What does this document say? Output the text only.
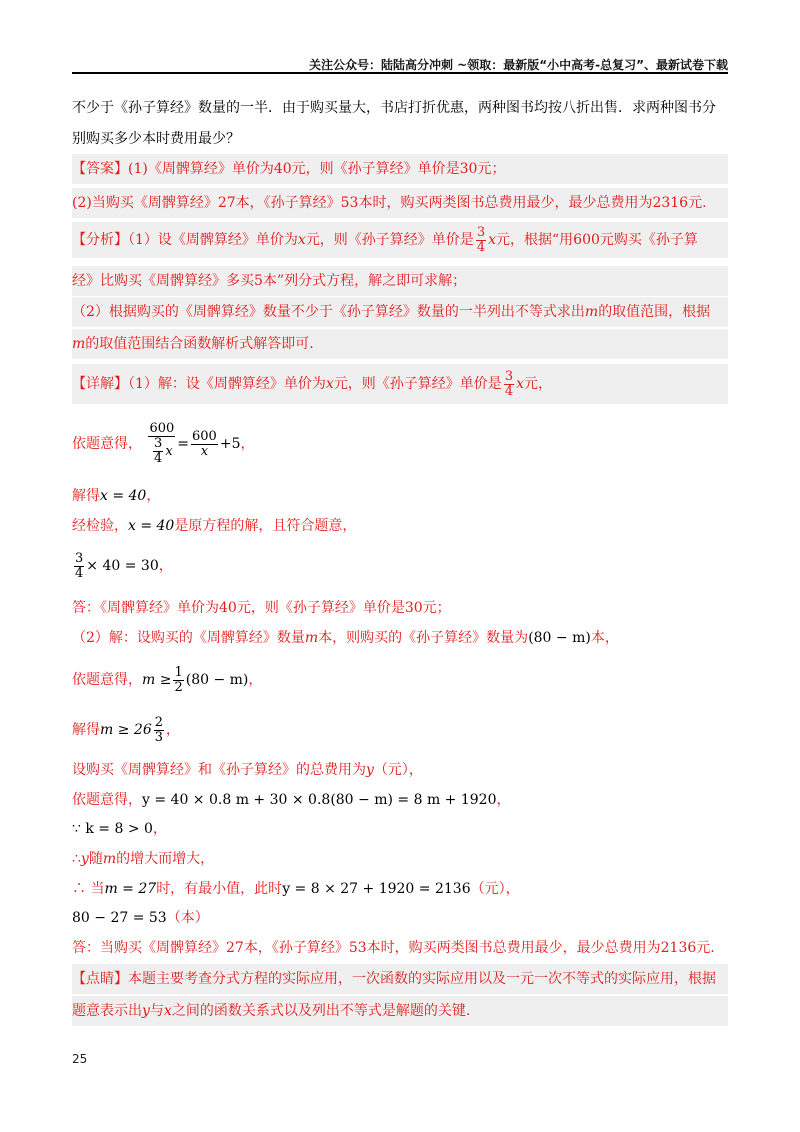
关注公众号：陆陆高分冲刺 ~领取：最新版“小中高考-总复习”、最新试卷下载
不少于《孙子算经》数量的一半．由于购买量大，书店打折优惠，两种图书均按八折出售．求两种图书分
别购买多少本时费用最少？
【答案】(1)《周髀算经》单价为40元，则《孙子算经》单价是30元；
(2)当购买《周髀算经》27本，《孙子算经》53本时，购买两类图书总费用最少，最少总费用为2316元.
【分析】（1）设《周髀算经》单价为x元，则《孙子算经》单价是 $\frac{3}{4}$ x元，根据“用600元购买《孙子算
经》比购买《周髀算经》多买5本”列分式方程，解之即可求解；
（2）根据购买的《周髀算经》数量不少于《孙子算经》数量的一半列出不等式求出m的取值范围，根据
m的取值范围结合函数解析式解答即可.
【详解】（1）解：设《周髀算经》单价为x元，则《孙子算经》单价是 $\frac{3}{4}$ x元，
依题意得， $\frac{600}{\frac{3}{4} x} = \frac{600}{x} +5$，
解得x = 40，
经检验，x = 40是原方程的解，且符合题意，
$\frac{3}{4} \times 40 = 30$，
答：《周髀算经》单价为40元，则《孙子算经》单价是30元；
（2）解：设购买的《周髀算经》数量m本，则购买的《孙子算经》数量为(80 − m)本，
依题意得，$m \ge \frac{1}{2} (80 - m)$，
解得$m \ge 26 \frac{2}{3}$ ，
设购买《周髀算经》和《孙子算经》的总费用为y（元），
依题意得，y = 40 × 0.8 m + 30 × 0.8(80 − m) = 8 m + 1920，
∵ k = 8 > 0，
∴y随m的增大而增大，
∴ 当m = 27时，有最小值，此时y = 8 × 27 + 1920 = 2136（元），
80 − 27 = 53（本）
答：当购买《周髀算经》27本，《孙子算经》53本时，购买两类图书总费用最少，最少总费用为2136元.
【点睛】本题主要考查分式方程的实际应用，一次函数的实际应用以及一元一次不等式的实际应用，根据
题意表示出y与x之间的函数关系式以及列出不等式是解题的关键.
25
